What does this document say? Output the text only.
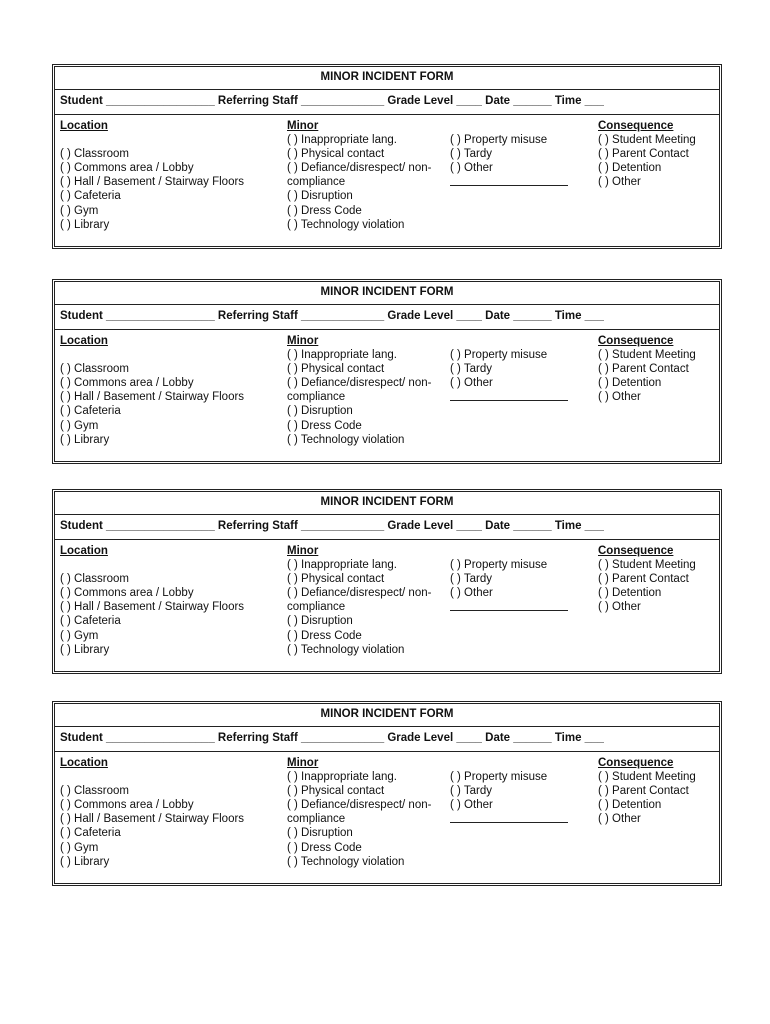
MINOR INCIDENT FORM
Student _________________ Referring Staff _____________ Grade Level ____ Date ______ Time ___
Location
( ) Classroom
( ) Commons area / Lobby
( ) Hall / Basement / Stairway Floors
( ) Cafeteria
( ) Gym
( ) Library
Minor
( ) Inappropriate lang.
( ) Physical contact
( ) Defiance/disrespect/ non-
compliance
( ) Disruption
( ) Dress Code
( ) Technology violation
( ) Property misuse
( ) Tardy
( ) Other
Consequence
( ) Student Meeting
( ) Parent Contact
( ) Detention
( ) Other
MINOR INCIDENT FORM
Student _________________ Referring Staff _____________ Grade Level ____ Date ______ Time ___
Location
( ) Classroom
( ) Commons area / Lobby
( ) Hall / Basement / Stairway Floors
( ) Cafeteria
( ) Gym
( ) Library
Minor
( ) Inappropriate lang.
( ) Physical contact
( ) Defiance/disrespect/ non-
compliance
( ) Disruption
( ) Dress Code
( ) Technology violation
( ) Property misuse
( ) Tardy
( ) Other
Consequence
( ) Student Meeting
( ) Parent Contact
( ) Detention
( ) Other
MINOR INCIDENT FORM
Student _________________ Referring Staff _____________ Grade Level ____ Date ______ Time ___
Location
( ) Classroom
( ) Commons area / Lobby
( ) Hall / Basement / Stairway Floors
( ) Cafeteria
( ) Gym
( ) Library
Minor
( ) Inappropriate lang.
( ) Physical contact
( ) Defiance/disrespect/ non-
compliance
( ) Disruption
( ) Dress Code
( ) Technology violation
( ) Property misuse
( ) Tardy
( ) Other
Consequence
( ) Student Meeting
( ) Parent Contact
( ) Detention
( ) Other
MINOR INCIDENT FORM
Student _________________ Referring Staff _____________ Grade Level ____ Date ______ Time ___
Location
( ) Classroom
( ) Commons area / Lobby
( ) Hall / Basement / Stairway Floors
( ) Cafeteria
( ) Gym
( ) Library
Minor
( ) Inappropriate lang.
( ) Physical contact
( ) Defiance/disrespect/ non-
compliance
( ) Disruption
( ) Dress Code
( ) Technology violation
( ) Property misuse
( ) Tardy
( ) Other
Consequence
( ) Student Meeting
( ) Parent Contact
( ) Detention
( ) Other
